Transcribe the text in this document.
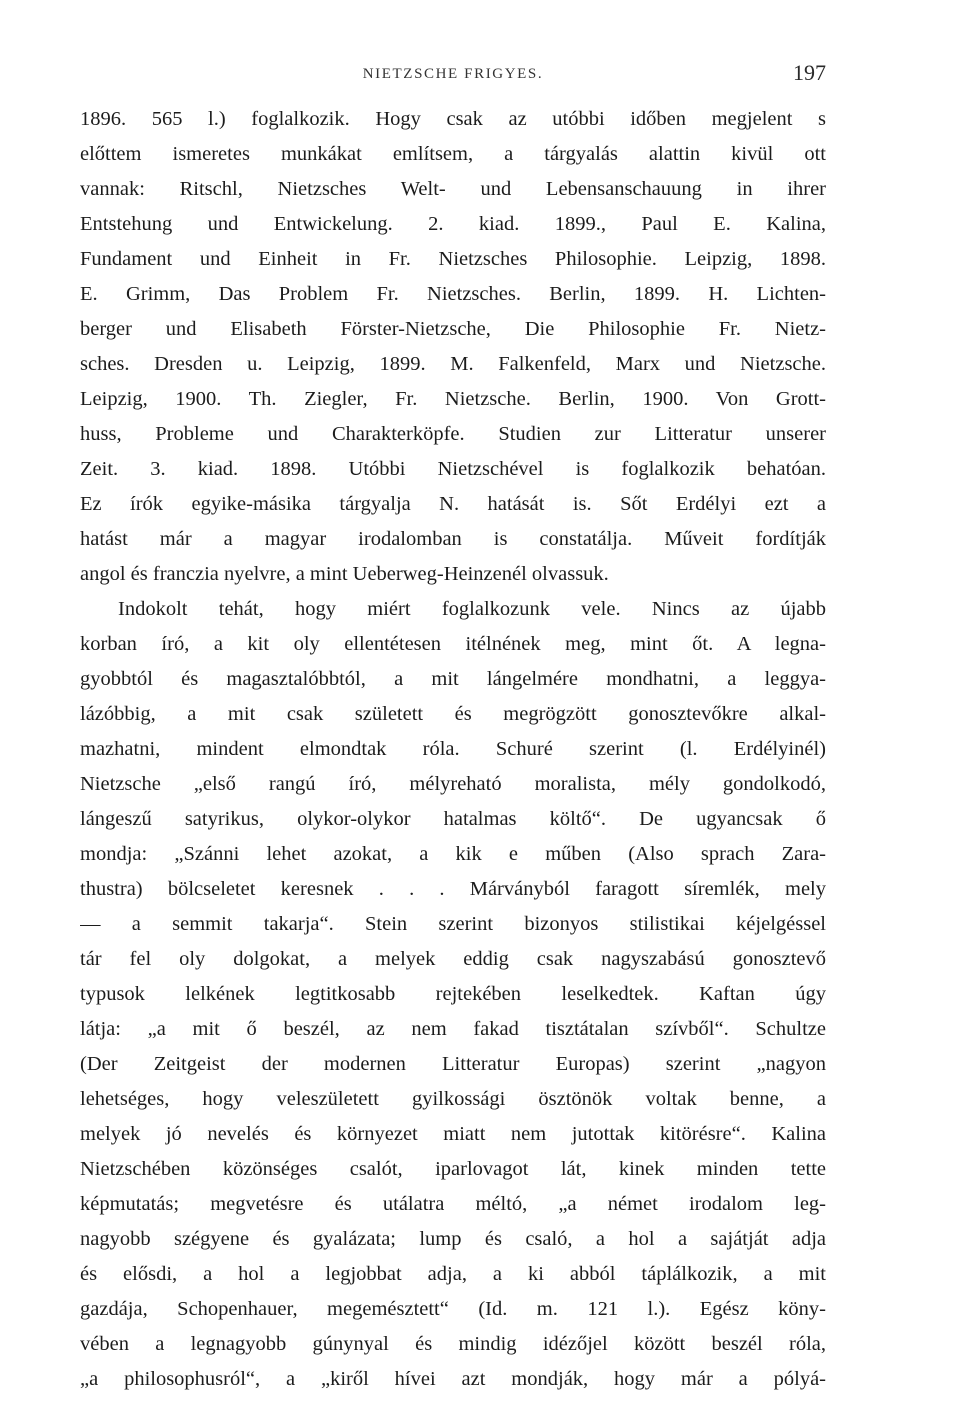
NIETZSCHE FRIGYES.	197
1896. 565 l.) foglalkozik. Hogy csak az utóbbi időben megjelent s
előttem ismeretes munkákat említsem, a tárgyalás alattin kivül ott
vannak: Ritschl, Nietzsches Welt- und Lebensanschauung in ihrer
Entstehung und Entwickelung. 2. kiad. 1899., Paul E. Kalina,
Fundament und Einheit in Fr. Nietzsches Philosophie. Leipzig, 1898.
E. Grimm, Das Problem Fr. Nietzsches. Berlin, 1899. H. Lichten-
berger und Elisabeth Förster-Nietzsche, Die Philosophie Fr. Nietz-
sches. Dresden u. Leipzig, 1899. M. Falkenfeld, Marx und Nietzsche.
Leipzig, 1900. Th. Ziegler, Fr. Nietzsche. Berlin, 1900. Von Grott-
huss, Probleme und Charakterköpfe. Studien zur Litteratur unserer
Zeit. 3. kiad. 1898. Utóbbi Nietzschével is foglalkozik behatóan.
Ez írók egyike-másika tárgyalja N. hatását is. Sőt Erdélyi ezt a
hatást már a magyar irodalomban is constatálja. Műveit fordítják
angol és franczia nyelvre, a mint Ueberweg-Heinzenél olvassuk.
Indokolt tehát, hogy miért foglalkozunk vele. Nincs az újabb
korban író, a kit oly ellentétesen itélnének meg, mint őt. A legna-
gyobbtól és magasztalóbbtól, a mit lángelmére mondhatni, a leggya-
lázóbbig, a mit csak született és megrögzött gonosztevőkre alkal-
mazhatni, mindent elmondtak róla. Schuré szerint (l. Erdélyinél)
Nietzsche „első rangú író, mélyreható moralista, mély gondolkodó,
lángeszű satyrikus, olykor-olykor hatalmas költő“. De ugyancsak ő
mondja: „Szánni lehet azokat, a kik e műben (Also sprach Zara-
thustra) bölcseletet keresnek . . . Márványból faragott síremlék, mely
— a semmit takarja“. Stein szerint bizonyos stilistikai kéjelgéssel
tár fel oly dolgokat, a melyek eddig csak nagyszabású gonosztevő
typusok lelkének legtitkosabb rejtekében leselkedtek. Kaftan úgy
látja: „a mit ő beszél, az nem fakad tisztátalan szívből“. Schultze
(Der Zeitgeist der modernen Litteratur Europas) szerint „nagyon
lehetséges, hogy veleszületett gyilkossági ösztönök voltak benne, a
melyek jó nevelés és környezet miatt nem jutottak kitörésre“. Kalina
Nietzschében közönséges csalót, iparlovagot lát, kinek minden tette
képmutatás; megvetésre és utálatra méltó, „a német irodalom leg-
nagyobb szégyene és gyalázata; lump és csaló, a hol a sajátját adja
és elősdi, a hol a legjobbat adja, a ki abból táplálkozik, a mit
gazdája, Schopenhauer, megemésztett“ (Id. m. 121 l.). Egész köny-
vében a legnagyobb gúnynyal és mindig idézőjel között beszél róla,
„a philosophusról“, a „kiről hívei azt mondják, hogy már a pólyá-
